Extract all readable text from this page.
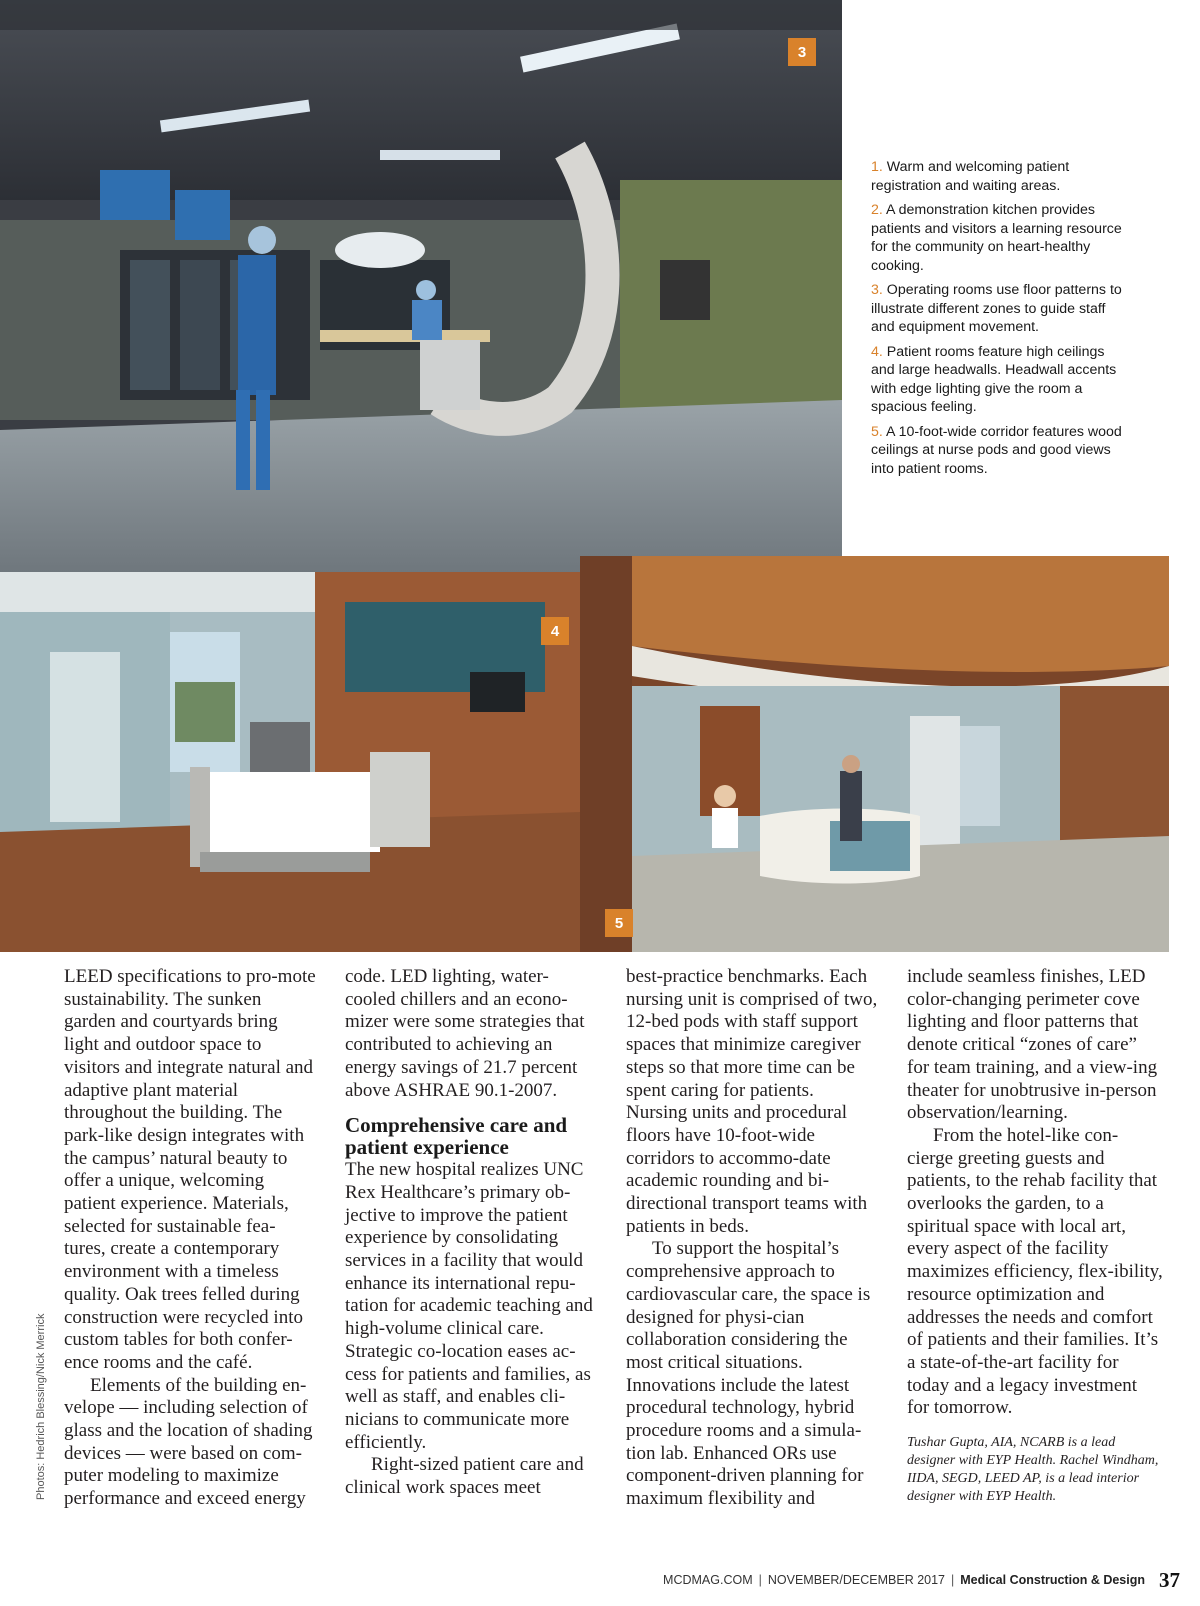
3
4
5

1. Warm and welcoming patient registration and waiting areas.

2. A demonstration kitchen provides patients and visitors a learning resource for the community on heart-healthy cooking.

3. Operating rooms use floor patterns to illustrate different zones to guide staff and equipment movement.

4. Patient rooms feature high ceilings and large headwalls. Headwall accents with edge lighting give the room a spacious feeling.

5. A 10-foot-wide corridor features wood ceilings at nurse pods and good views into patient rooms.

LEED specifications to pro-mote sustainability. The sunken garden and courtyards bring light and outdoor space to visitors and integrate natural and adaptive plant material throughout the building. The park-like design integrates with the campus’ natural beauty to offer a unique, welcoming patient experience. Materials, selected for sustainable fea-tures, create a contemporary environment with a timeless quality. Oak trees felled during construction were recycled into custom tables for both confer-ence rooms and the café.

Elements of the building en-velope — including selection of glass and the location of shading devices — were based on com-puter modeling to maximize performance and exceed energy

code. LED lighting, water-cooled chillers and an econo-mizer were some strategies that contributed to achieving an energy savings of 21.7 percent above ASHRAE 90.1-2007.

Comprehensive care and patient experience

The new hospital realizes UNC Rex Healthcare’s primary ob-jective to improve the patient experience by consolidating services in a facility that would enhance its international repu-tation for academic teaching and high-volume clinical care. Strategic co-location eases ac-cess for patients and families, as well as staff, and enables cli-nicians to communicate more efficiently.

Right-sized patient care and clinical work spaces meet

best-practice benchmarks. Each nursing unit is comprised of two, 12-bed pods with staff support spaces that minimize caregiver steps so that more time can be spent caring for patients. Nursing units and procedural floors have 10-foot-wide corridors to accommo-date academic rounding and bi-directional transport teams with patients in beds.

To support the hospital’s comprehensive approach to cardiovascular care, the space is designed for physi-cian collaboration considering the most critical situations. Innovations include the latest procedural technology, hybrid procedure rooms and a simula-tion lab. Enhanced ORs use component-driven planning for maximum flexibility and

include seamless finishes, LED color-changing perimeter cove lighting and floor patterns that denote critical “zones of care” for team training, and a view-ing theater for unobtrusive in-person observation/learning.

From the hotel-like con-cierge greeting guests and patients, to the rehab facility that overlooks the garden, to a spiritual space with local art, every aspect of the facility maximizes efficiency, flex-ibility, resource optimization and addresses the needs and comfort of patients and their families. It’s a state-of-the-art facility for today and a legacy investment for tomorrow.

Tushar Gupta, AIA, NCARB is a lead designer with EYP Health. Rachel Windham, IIDA, SEGD, LEED AP, is a lead interior designer with EYP Health.

Photos: Hedrich Blessing/Nick Merrick
MCDMAG.COM | NOVEMBER/DECEMBER 2017 | Medical Construction & Design 37
